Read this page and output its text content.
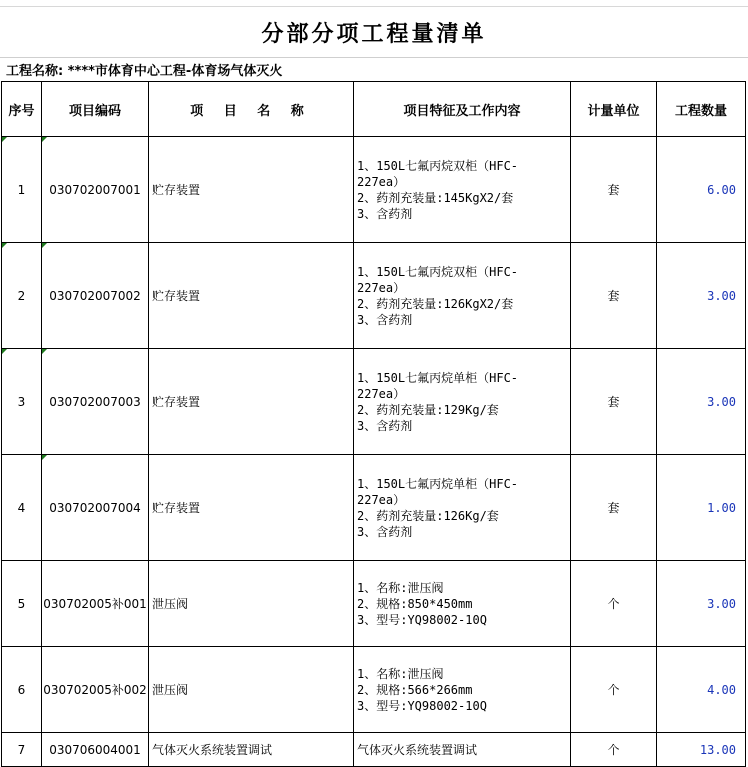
分部分项工程量清单
工程名称: ****市体育中心工程-体育场气体灭火
序号	项目编码	项 目 名 称	项目特征及工作内容	计量单位	工程数量

1	030702007001	贮存装置	1、150L七氟丙烷双柜（HFC-
227ea）
2、药剂充装量:145KgX2/套
3、含药剂	套	6.00

2	030702007002	贮存装置	1、150L七氟丙烷双柜（HFC-
227ea）
2、药剂充装量:126KgX2/套
3、含药剂	套	3.00

3	030702007003	贮存装置	1、150L七氟丙烷单柜（HFC-
227ea）
2、药剂充装量:129Kg/套
3、含药剂	套	3.00
4	030702007004	贮存装置	1、150L七氟丙烷单柜（HFC-
227ea）
2、药剂充装量:126Kg/套
3、含药剂	套	1.00
5	030702005补001	泄压阀	1、名称:泄压阀
2、规格:850*450mm
3、型号:YQ98002-10Q	个	3.00
6	030702005补002	泄压阀	1、名称:泄压阀
2、规格:566*266mm
3、型号:YQ98002-10Q	个	4.00
7	030706004001	气体灭火系统装置调试	气体灭火系统装置调试	个	13.00
